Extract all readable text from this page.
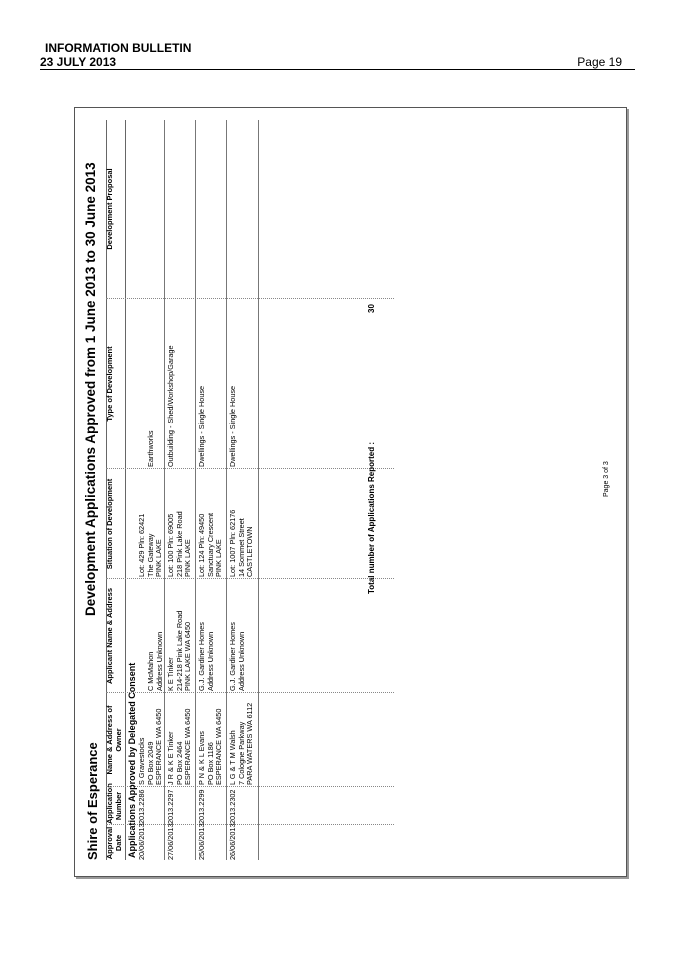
INFORMATION BULLETIN
23 JULY 2013	Page 19
Shire of Esperance
Development Applications Approved from 1 June 2013 to 30 June 2013
Approval Date
Application Number
Name & Address of Owner
Applicant Name & Address
Situation of Development
Type of Development
Development Proposal
Applications Approved by Delegated Consent 20/06/2013
2013.2286
S Gravestocks PO Box 2049 ESPERANCE WA 6450
C McMahon Address Unknown
Lot: 429 Pln: 62421 The Gateway PINK LAKE
Earthworks
27/06/2013
2013.2297
J R & K E Tinker PO Box 2464 ESPERANCE WA 6450
K E Tinker 214-218 Pink Lake Road PINK LAKE WA 6450
Lot: 100 Pln: 69005 218 Pink Lake Road PINK LAKE
Outbuilding - Shed/Workshop/Garage
25/06/2013
2013.2299
P N & K L Evans PO Box 1186 ESPERANCE WA 6450
G.J. Gardiner Homes Address Unknown
Lot: 124 Pln: 49450 Sanctuary Crescent PINK LAKE
Dwellings - Single House
26/06/2013
2013.2302
L G & T M Walsh 7 Cologne Parkway PARA WATERS WA 6112
G.J. Gardiner Homes Address Unknown
Lot: 1007 Pln: 62176 14 Sommet Street CASTLETOWN
Dwellings - Single House
Total number of Applications Reported :
30
Page 3 of 3
